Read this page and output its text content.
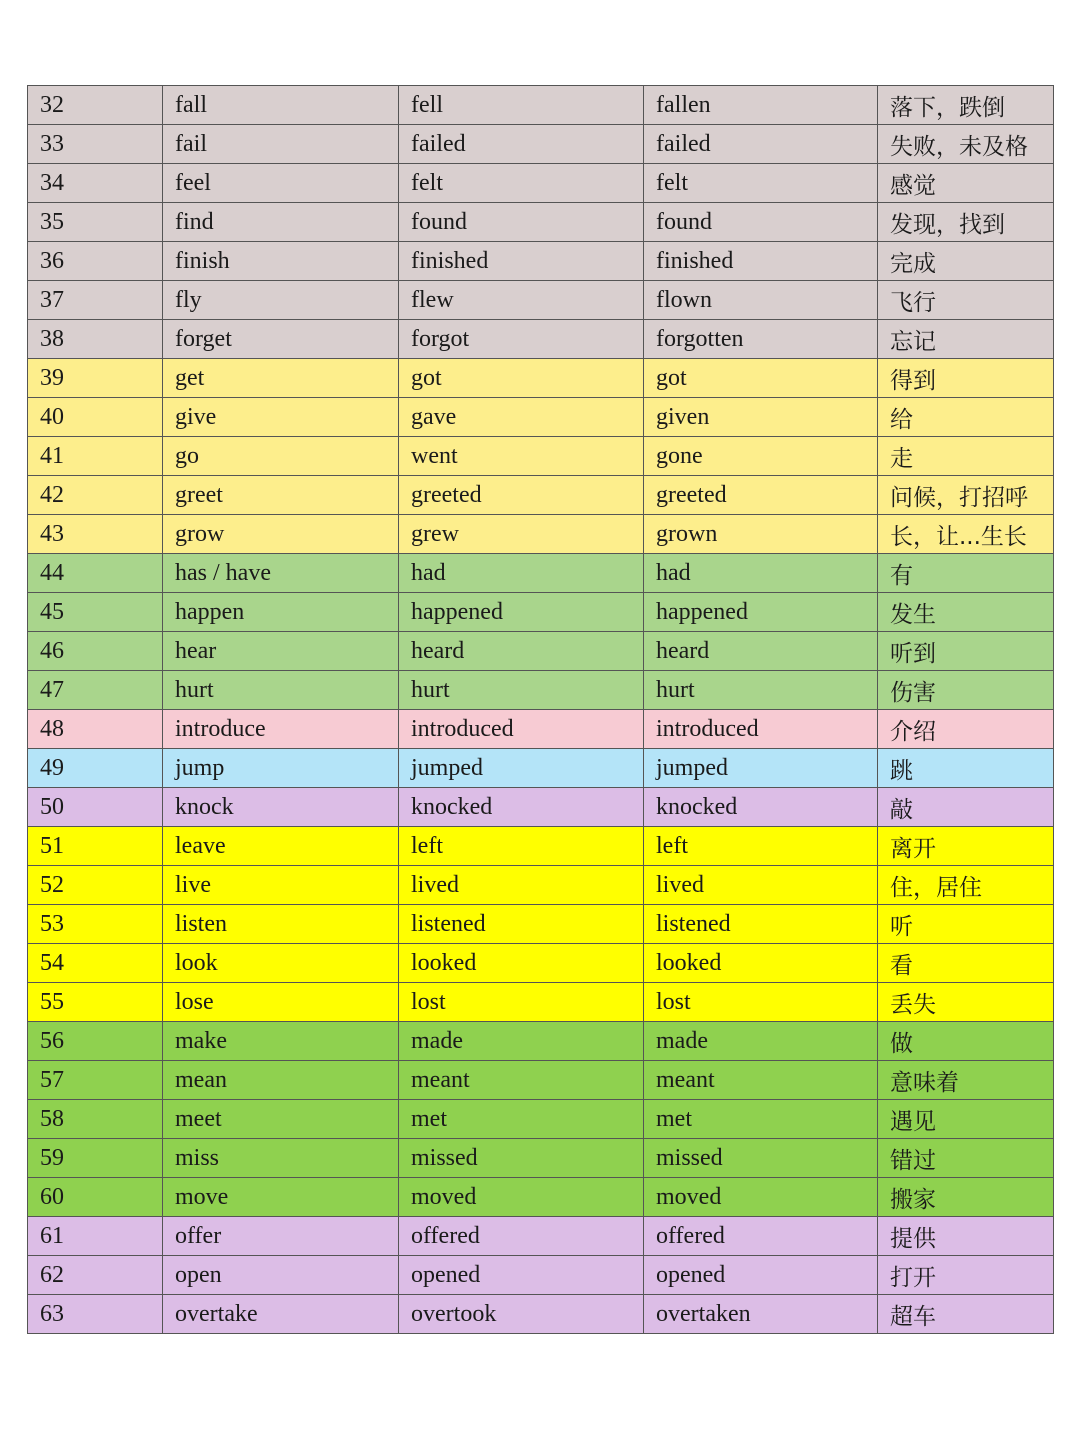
32	fall	fell	fallen	落下，跌倒
33	fail	failed	failed	失败，未及格
34	feel	felt	felt	感觉
35	find	found	found	发现，找到
36	finish	finished	finished	完成
37	fly	flew	flown	飞行
38	forget	forgot	forgotten	忘记
39	get	got	got	得到
40	give	gave	given	给
41	go	went	gone	走
42	greet	greeted	greeted	问候，打招呼
43	grow	grew	grown	长，让...生长
44	has / have	had	had	有
45	happen	happened	happened	发生
46	hear	heard	heard	听到
47	hurt	hurt	hurt	伤害
48	introduce	introduced	introduced	介绍
49	jump	jumped	jumped	跳
50	knock	knocked	knocked	敲
51	leave	left	left	离开
52	live	lived	lived	住，居住
53	listen	listened	listened	听
54	look	looked	looked	看
55	lose	lost	lost	丢失
56	make	made	made	做
57	mean	meant	meant	意味着
58	meet	met	met	遇见
59	miss	missed	missed	错过
60	move	moved	moved	搬家
61	offer	offered	offered	提供
62	open	opened	opened	打开
63	overtake	overtook	overtaken	超车
